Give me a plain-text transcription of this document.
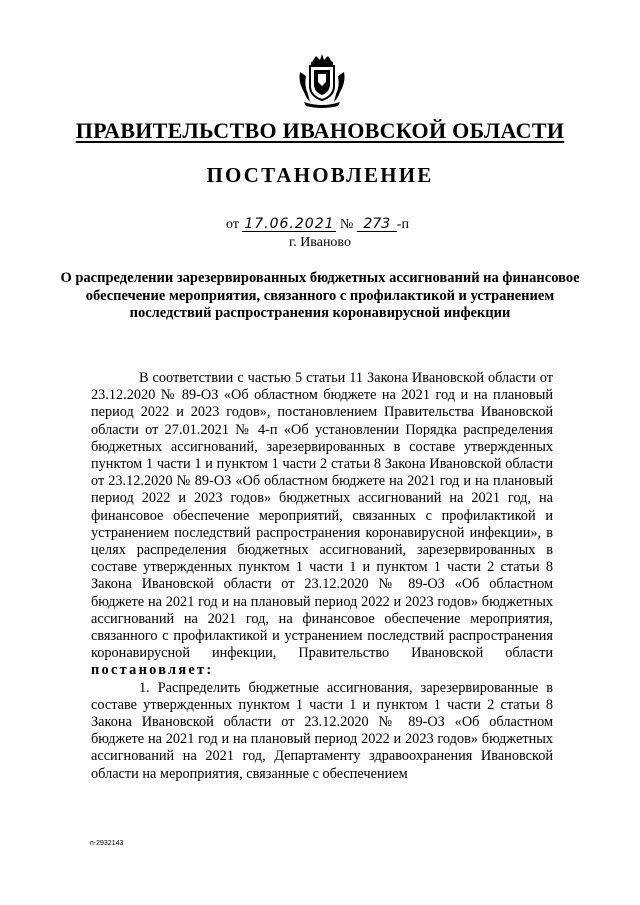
ПРАВИТЕЛЬСТВО ИВАНОВСКОЙ ОБЛАСТИ
ПОСТАНОВЛЕНИЕ
от 17.06.2021 № 273 -п
г. Иваново
О распределении зарезервированных бюджетных ассигнований на финансовое обеспечение мероприятия, связанного с профилактикой и устранением последствий распространения коронавирусной инфекции

В соответствии с частью 5 статьи 11 Закона Ивановской области от 23.12.2020 № 89-ОЗ «Об областном бюджете на 2021 год и на плановый период 2022 и 2023 годов», постановлением Правительства Ивановской области от 27.01.2021 № 4-п «Об установлении Порядка распределения бюджетных ассигнований, зарезервированных в составе утвержденных пунктом 1 части 1 и пунктом 1 части 2 статьи 8 Закона Ивановской области от 23.12.2020 № 89-ОЗ «Об областном бюджете на 2021 год и на плановый период 2022 и 2023 годов» бюджетных ассигнований на 2021 год, на финансовое обеспечение мероприятий, связанных с профилактикой и устранением последствий распространения коронавирусной инфекции», в целях распределения бюджетных ассигнований, зарезервированных в составе утвержденных пунктом 1 части 1 и пунктом 1 части 2 статьи 8 Закона Ивановской области от 23.12.2020 № 89-ОЗ «Об областном бюджете на 2021 год и на плановый период 2022 и 2023 годов» бюджетных ассигнований на 2021 год, на финансовое обеспечение мероприятия, связанного с профилактикой и устранением последствий распространения коронавирусной инфекции, Правительство Ивановской области постановляет:

1. Распределить бюджетные ассигнования, зарезервированные в составе утвержденных пунктом 1 части 1 и пунктом 1 части 2 статьи 8 Закона Ивановской области от 23.12.2020 № 89-ОЗ «Об областном бюджете на 2021 год и на плановый период 2022 и 2023 годов» бюджетных ассигнований на 2021 год, Департаменту здравоохранения Ивановской области на мероприятия, связанные с обеспечением

п-2932143
